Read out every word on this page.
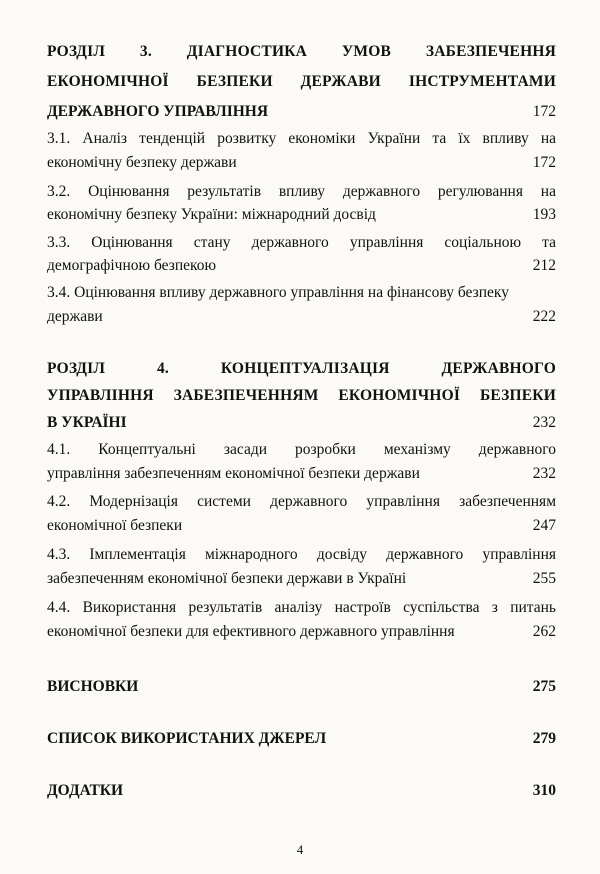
РОЗДІЛ 3. ДІАГНОСТИКА УМОВ ЗАБЕЗПЕЧЕННЯ
ЕКОНОМІЧНОЇ БЕЗПЕКИ ДЕРЖАВИ ІНСТРУМЕНТАМИ
ДЕРЖАВНОГО УПРАВЛІННЯ	172
3.1. Аналіз тенденцій розвитку економіки України та їх впливу на
економічну безпеку держави	172
3.2. Оцінювання результатів впливу державного регулювання на
економічну безпеку України: міжнародний досвід	193
3.3. Оцінювання стану державного управління соціальною та
демографічною безпекою	212
3.4. Оцінювання впливу державного управління на фінансову безпеку
держави	222
РОЗДІЛ 4. КОНЦЕПТУАЛІЗАЦІЯ ДЕРЖАВНОГО
УПРАВЛІННЯ ЗАБЕЗПЕЧЕННЯМ ЕКОНОМІЧНОЇ БЕЗПЕКИ
В УКРАЇНІ	232
4.1. Концептуальні засади розробки механізму державного
управління забезпеченням економічної безпеки держави	232
4.2. Модернізація системи державного управління забезпеченням
економічної безпеки	247
4.3. Імплементація міжнародного досвіду державного управління
забезпеченням економічної безпеки держави в Україні	255
4.4. Використання результатів аналізу настроїв суспільства з питань
економічної безпеки для ефективного державного управління	262
ВИСНОВКИ	275
СПИСОК ВИКОРИСТАНИХ ДЖЕРЕЛ	279
ДОДАТКИ	310
4
